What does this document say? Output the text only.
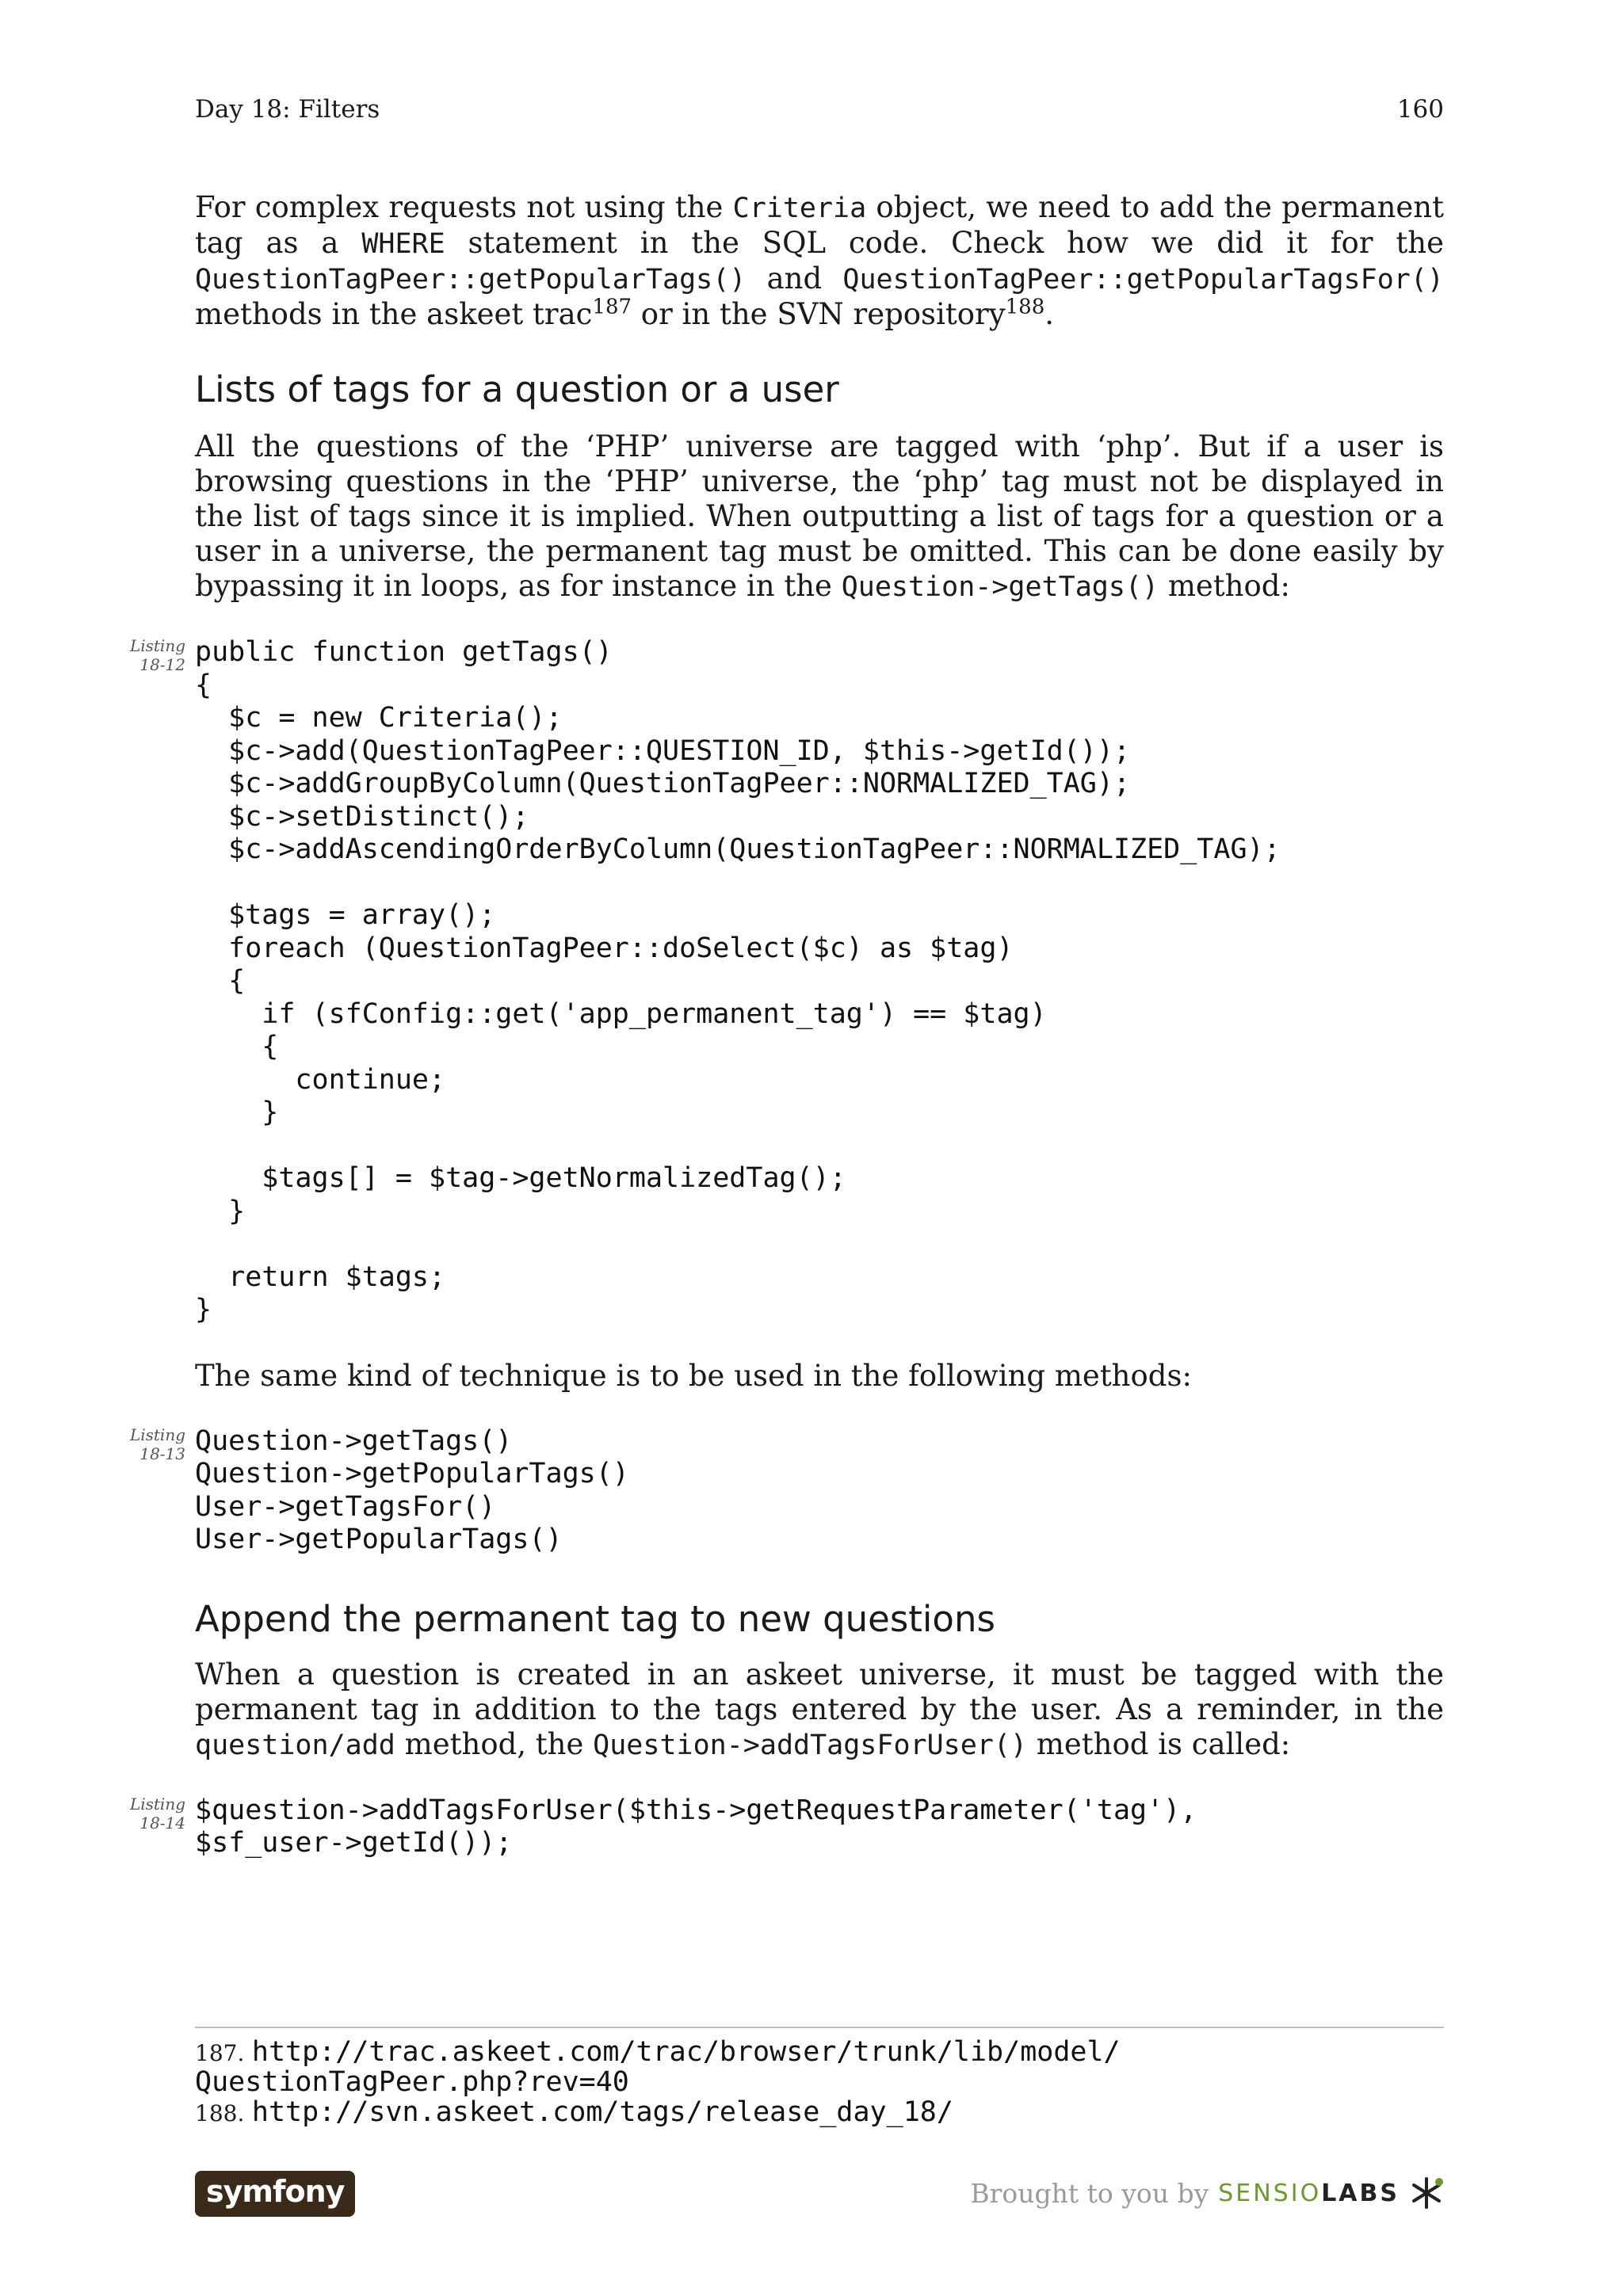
Day 18: Filters	160

For complex requests not using the Criteria object, we need to add the permanent tag as a WHERE statement in the SQL code. Check how we did it for the QuestionTagPeer::getPopularTags() and QuestionTagPeer::getPopularTagsFor() methods in the askeet trac$^{187}$ or in the SVN repository$^{188}$.

Lists of tags for a question or a user

All the questions of the ‘PHP’ universe are tagged with ‘php’. But if a user is browsing questions in the ‘PHP’ universe, the ‘php’ tag must not be displayed in the list of tags since it is implied. When outputting a list of tags for a question or a user in a universe, the permanent tag must be omitted. This can be done easily by bypassing it in loops, as for instance in the Question->getTags() method:

Listing 18-12 public function getTags()
{
$c = new Criteria();
$c->add(QuestionTagPeer::QUESTION_ID, $this->getId());
$c->addGroupByColumn(QuestionTagPeer::NORMALIZED_TAG);
$c->setDistinct();
$c->addAscendingOrderByColumn(QuestionTagPeer::NORMALIZED_TAG);

$tags = array();
foreach (QuestionTagPeer::doSelect($c) as $tag)
{
if (sfConfig::get('app_permanent_tag') == $tag)
{
continue;
}

$tags[] = $tag->getNormalizedTag();
}

return $tags;
}

The same kind of technique is to be used in the following methods:

Listing 18-13 Question->getTags()
Question->getPopularTags()
User->getTagsFor()
User->getPopularTags()
Append the permanent tag to new questions

When a question is created in an askeet universe, it must be tagged with the permanent tag in addition to the tags entered by the user. As a reminder, in the question/add method, the Question->addTagsForUser() method is called:

Listing 18-14 $question->addTagsForUser($this->getRequestParameter('tag'),
$sf_user->getId());
187. http://trac.askeet.com/trac/browser/trunk/lib/model/
QuestionTagPeer.php?rev=40
188. http://svn.askeet.com/tags/release_day_18/
symfony	Brought to you by SENSIOLABS
